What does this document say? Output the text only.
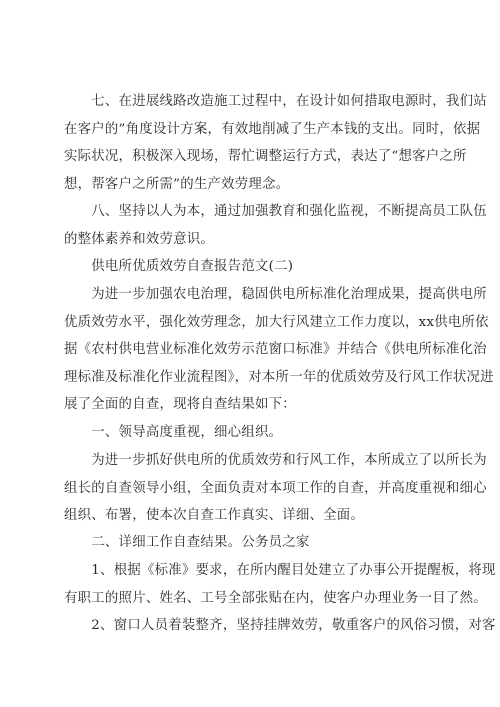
　　七、在进展线路改造施工过程中，在设计如何措取电源时，我们站
在客户的”角度设计方案，有效地削减了生产本钱的支出。同时，依据
实际状况，积极深入现场，帮忙调整运行方式，表达了“想客户之所
想，帮客户之所需”的生产效劳理念。
　　八、坚持以人为本，通过加强教育和强化监视，不断提高员工队伍
的整体素养和效劳意识。
　　供电所优质效劳自查报告范文(二)
　　为进一步加强农电治理，稳固供电所标准化治理成果，提高供电所
优质效劳水平，强化效劳理念，加大行风建立工作力度以，xx供电所依
据《农村供电营业标准化效劳示范窗口标准》并结合《供电所标准化治
理标准及标准化作业流程图》，对本所一年的优质效劳及行风工作状况进
展了全面的自查，现将自查结果如下：
　　一、领导高度重视，细心组织。
　　为进一步抓好供电所的优质效劳和行风工作，本所成立了以所长为
组长的自查领导小组，全面负责对本项工作的自查，并高度重视和细心
组织、布署，使本次自查工作真实、详细、全面。
　　二、详细工作自查结果。公务员之家
　　1、根据《标准》要求，在所内醒目处建立了办事公开提醒板，将现
有职工的照片、姓名、工号全部张贴在内，使客户办理业务一目了然。
　　2、窗口人员着装整齐，坚持挂牌效劳，敬重客户的风俗习惯，对客
